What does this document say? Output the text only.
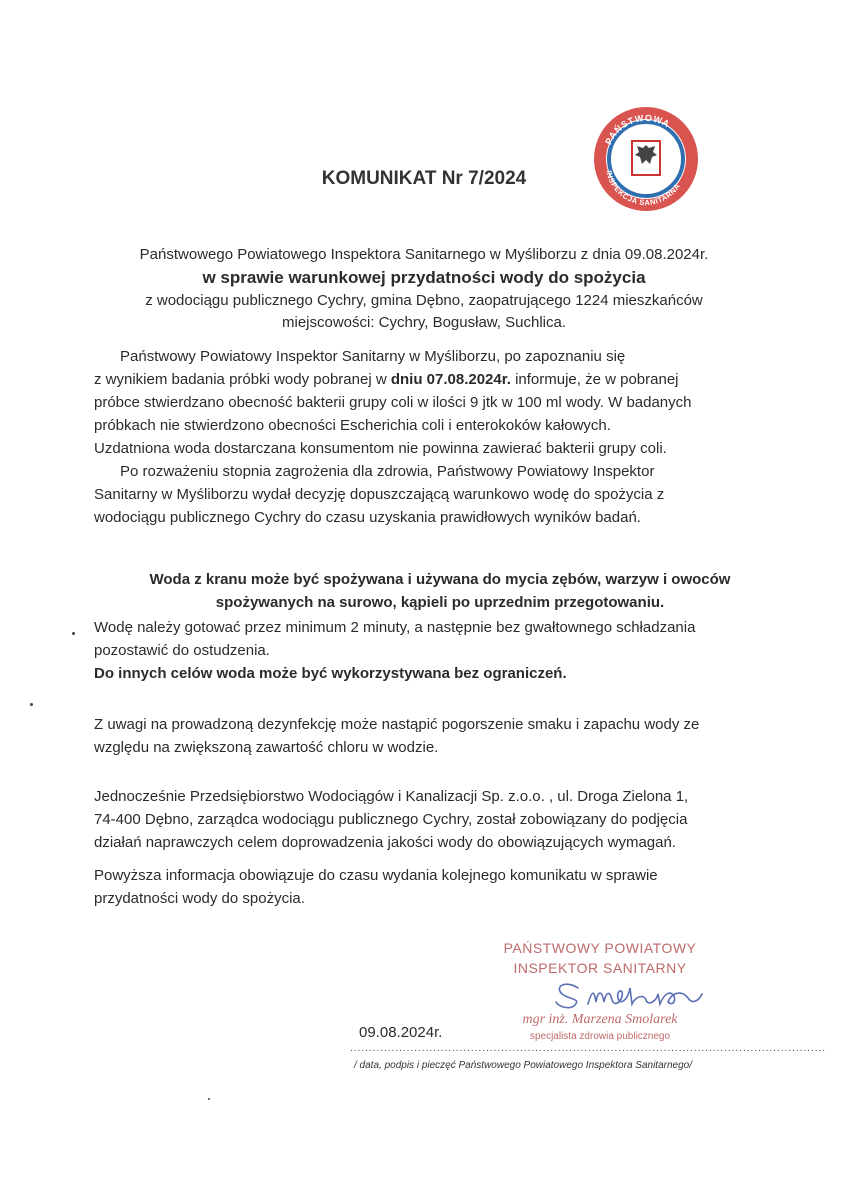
PAŃSTWOWA
INSPEKCJA SANITARNA
KOMUNIKAT Nr 7/2024
Państwowego Powiatowego Inspektora Sanitarnego w Myśliborzu z dnia 09.08.2024r.
w sprawie warunkowej przydatności wody do spożycia
z wodociągu publicznego Cychry, gmina Dębno, zaopatrującego 1224 mieszkańców
miejscowości: Cychry, Bogusław, Suchlica.

Państwowy Powiatowy Inspektor Sanitarny w Myśliborzu, po zapoznaniu się

z wynikiem badania próbki wody pobranej w dniu 07.08.2024r. informuje, że w pobranej

próbce stwierdzano obecność bakterii grupy coli w ilości 9 jtk w 100 ml wody. W badanych

próbkach nie stwierdzono obecności Escherichia coli i enterokoków kałowych.

Uzdatniona woda dostarczana konsumentom nie powinna zawierać bakterii grupy coli.

Po rozważeniu stopnia zagrożenia dla zdrowia, Państwowy Powiatowy Inspektor

Sanitarny w Myśliborzu wydał decyzję dopuszczającą warunkowo wodę do spożycia z

wodociągu publicznego Cychry do czasu uzyskania prawidłowych wyników badań.

Woda z kranu może być spożywana i używana do mycia zębów, warzyw i owoców
spożywanych na surowo, kąpieli po uprzednim przegotowaniu.

Wodę należy gotować przez minimum 2 minuty, a następnie bez gwałtownego schładzania

pozostawić do ostudzenia.

Do innych celów woda może być wykorzystywana bez ograniczeń.

Z uwagi na prowadzoną dezynfekcję może nastąpić pogorszenie smaku i zapachu wody ze

względu na zwiększoną zawartość chloru w wodzie.

Jednocześnie Przedsiębiorstwo Wodociągów i Kanalizacji Sp. z.o.o. , ul. Droga Zielona 1,

74-400 Dębno, zarządca wodociągu publicznego Cychry, został zobowiązany do podjęcia

działań naprawczych celem doprowadzenia jakości wody do obowiązujących wymagań.

Powyższa informacja obowiązuje do czasu wydania kolejnego komunikatu w sprawie

przydatności wody do spożycia.

PAŃSTWOWY POWIATOWY
INSPEKTOR SANITARNY
mgr inż. Marzena Smolarek
specjalista zdrowia publicznego
09.08.2024r.
..............................................................................................................................
/ data, podpis i pieczęć Państwowego Powiatowego Inspektora Sanitarnego/
